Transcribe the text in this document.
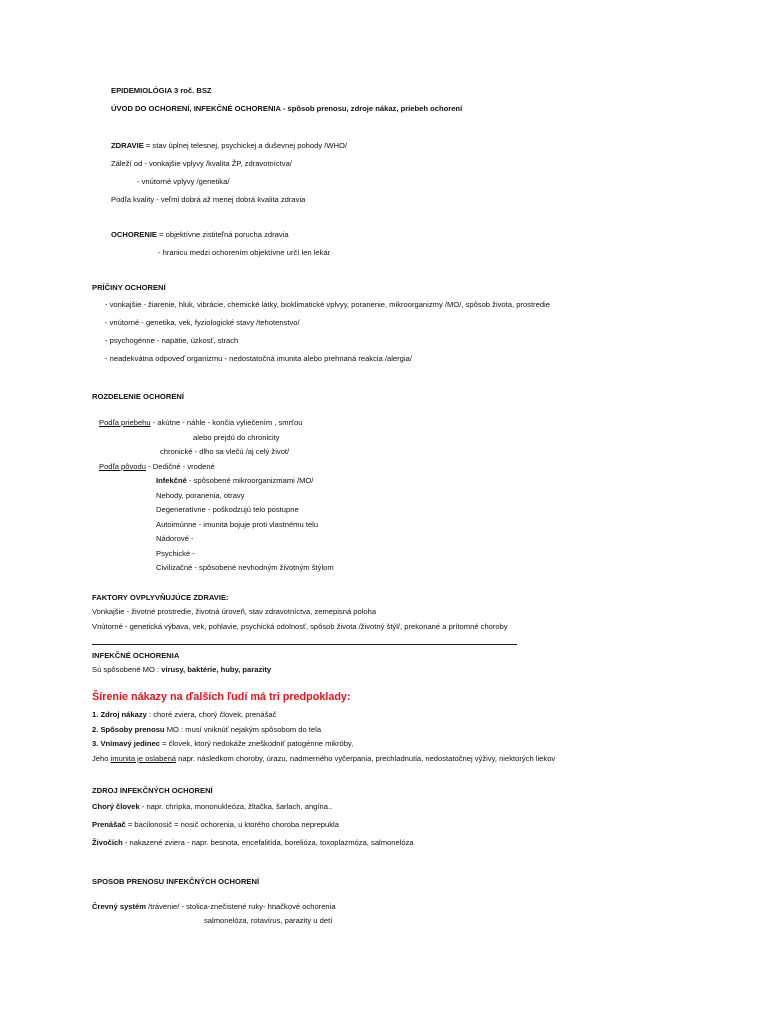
EPIDEMIOLÓGIA 3 roč. BSZ
ÚVOD DO OCHORENÍ, INFEKČNÉ OCHORENIA - spôsob prenosu, zdroje nákaz, priebeh ochorení
ZDRAVIE = stav úplnej telesnej, psychickej a duševnej pohody /WHO/
Záleží od - vonkajšie vplyvy /kvalita ŽP, zdravotníctva/
- vnútorné vplyvy /genetika/
Podľa kvality - veľmi dobrá až menej dobrá kvalita zdravia
OCHORENIE = objektívne zistiteľná porucha zdravia
- hranicu medzi ochorením objektívne určí len lekár
PRÍČINY OCHORENÍ
- vonkajšie - žiarenie, hluk, vibrácie, chemické látky, bioklimatické vplvyy, poranenie, mikroorganizmy /MO/, spôsob života, prostredie
- vnútorné - genetika, vek, fyziologické stavy /tehotenstvo/
- psychogénne - napätie, úzkosť, strach
- neadekvátna odpoveď organizmu - nedostatočná imunita alebo prehnaná reakcia /alergia/
ROZDELENIE OCHORENÍ
Podľa priebehu - akútne - náhle - končia vyliečením , smrťou
alebo prejdú do chronicity
chronické - dlho sa vlečú /aj celý život/
Podľa pôvodu - Dedičné - vrodené
Infekčné - spôsobené mikroorganizmami /MO/
Nehody, poranenia, otravy
Degeneratívne - poškodzujú telo postupne
Autoimúnne - imunita bojuje proti vlastnému telu
Nádorové -
Psychické -
Civilizačné - spôsobené nevhodným životným štýlom
FAKTORY OVPLYVŇUJÚCE ZDRAVIE:
Vonkajšie - životné prostredie, životná úroveň, stav zdravotníctva, zemepisná poloha
Vnútorné - genetická výbava, vek, pohlavie, psychická odolnosť, spôsob života /životný štýl/, prekonané a prítomné choroby
INFEKČNÉ OCHORENIA
Sú spôsobené MO : vírusy, baktérie, huby, parazity
Šírenie nákazy na ďalších ľudí má tri predpoklady:
1. Zdroj nákazy : choré zviera, chorý človek, prenášač
2. Spôsoby prenosu MO : musí vniknúť nejakým spôsobom do tela
3. Vnímavý jedinec = človek, ktorý nedokáže zneškodniť patogénne mikróby,
Jeho imunita je oslabená napr. následkom choroby, úrazu, nadmerného vyčerpania, prechladnutia, nedostatočnej výživy, niektorých liekov
ZDROJ INFEKČNÝCH OCHORENÍ
Chorý človek - napr. chrípka, mononukleóza, žltačka, šarlach, angína..
Prenášač = bacilonosič = nosič ochorenia, u ktorého choroba neprepukla
Živočích - nakazené zviera - napr. besnota, encefalitída, borelióza, toxoplazmóza, salmonelóza
SPOSOB PRENOSU INFEKČNÝCH OCHORENÍ
Črevný systém /trávenie/ - stolica-znečistené ruky- hnačkové ochorenia
salmonelóza, rotavírus, parazity u detí
